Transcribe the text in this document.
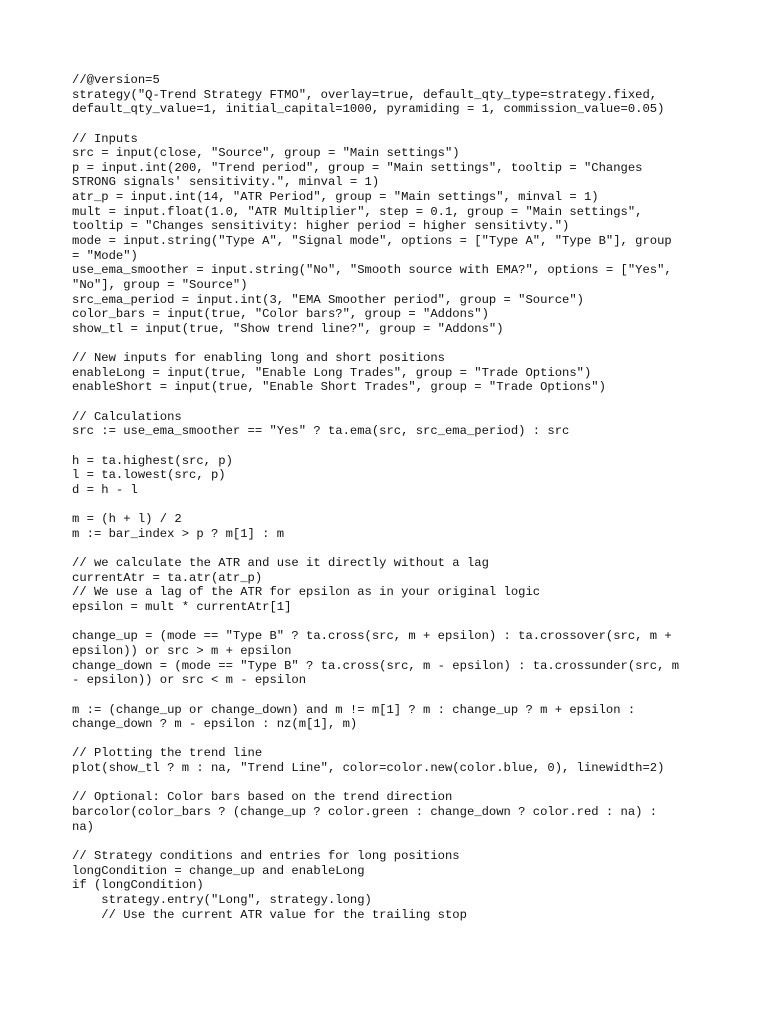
//@version=5
strategy("Q-Trend Strategy FTMO", overlay=true, default_qty_type=strategy.fixed,
default_qty_value=1, initial_capital=1000, pyramiding = 1, commission_value=0.05)
// Inputs
src = input(close, "Source", group = "Main settings")
p = input.int(200, "Trend period", group = "Main settings", tooltip = "Changes
STRONG signals' sensitivity.", minval = 1)
atr_p = input.int(14, "ATR Period", group = "Main settings", minval = 1)
mult = input.float(1.0, "ATR Multiplier", step = 0.1, group = "Main settings",
tooltip = "Changes sensitivity: higher period = higher sensitivty.")
mode = input.string("Type A", "Signal mode", options = ["Type A", "Type B"], group
= "Mode")
use_ema_smoother = input.string("No", "Smooth source with EMA?", options = ["Yes",
"No"], group = "Source")
src_ema_period = input.int(3, "EMA Smoother period", group = "Source")
color_bars = input(true, "Color bars?", group = "Addons")
show_tl = input(true, "Show trend line?", group = "Addons")
// New inputs for enabling long and short positions
enableLong = input(true, "Enable Long Trades", group = "Trade Options")
enableShort = input(true, "Enable Short Trades", group = "Trade Options")
// Calculations
src := use_ema_smoother == "Yes" ? ta.ema(src, src_ema_period) : src
h = ta.highest(src, p)
l = ta.lowest(src, p)
d = h - l
m = (h + l) / 2
m := bar_index > p ? m[1] : m
// we calculate the ATR and use it directly without a lag
currentAtr = ta.atr(atr_p)
// We use a lag of the ATR for epsilon as in your original logic
epsilon = mult * currentAtr[1]
change_up = (mode == "Type B" ? ta.cross(src, m + epsilon) : ta.crossover(src, m +
epsilon)) or src > m + epsilon
change_down = (mode == "Type B" ? ta.cross(src, m - epsilon) : ta.crossunder(src, m
- epsilon)) or src < m - epsilon
m := (change_up or change_down) and m != m[1] ? m : change_up ? m + epsilon :
change_down ? m - epsilon : nz(m[1], m)
// Plotting the trend line
plot(show_tl ? m : na, "Trend Line", color=color.new(color.blue, 0), linewidth=2)
// Optional: Color bars based on the trend direction
barcolor(color_bars ? (change_up ? color.green : change_down ? color.red : na) :
na)
// Strategy conditions and entries for long positions
longCondition = change_up and enableLong
if (longCondition)
strategy.entry("Long", strategy.long)
// Use the current ATR value for the trailing stop
